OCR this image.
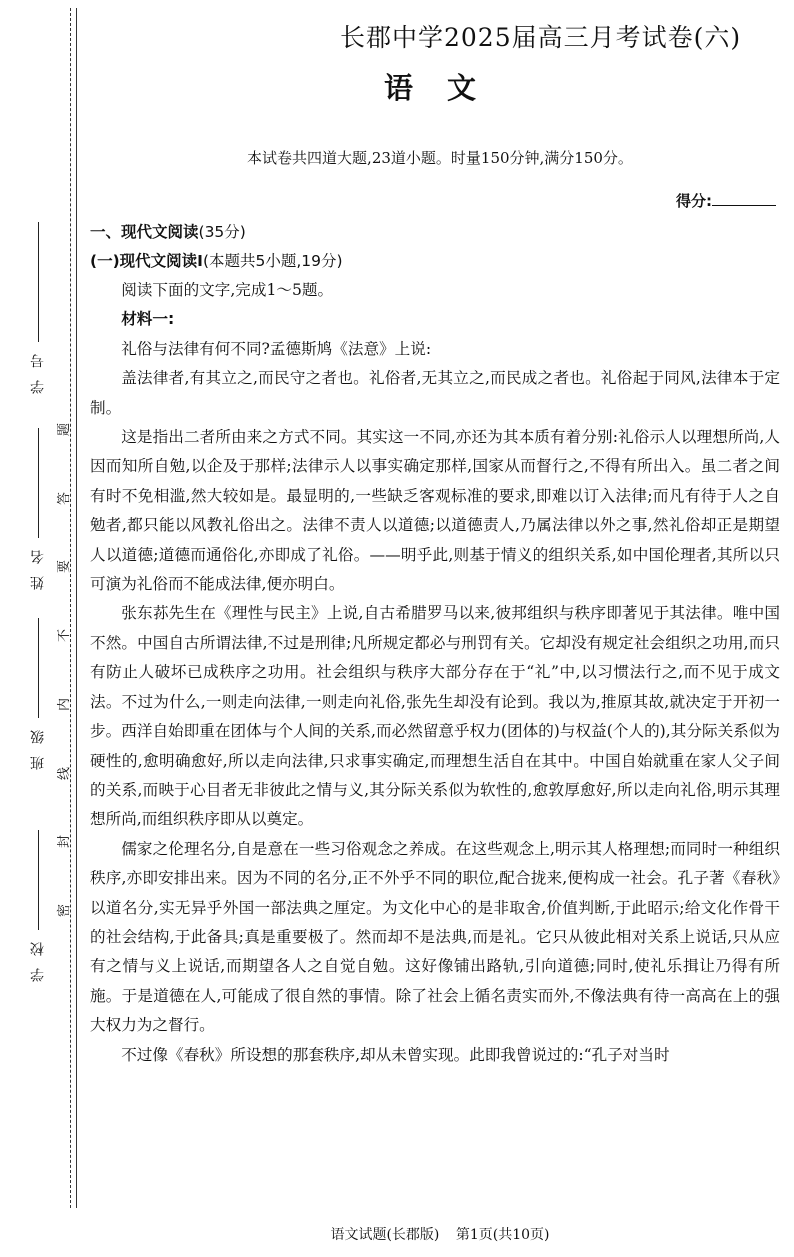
学号
姓名
班级
学校
题
答
要
不
内
线
封
密
长郡中学2025届高三月考试卷(六)
语文
本试卷共四道大题,23道小题。时量150分钟,满分150分。
得分:
一、现代文阅读(35分)
(一)现代文阅读Ⅰ(本题共5小题,19分)

阅读下面的文字,完成1～5题。

材料一:

礼俗与法律有何不同?孟德斯鸠《法意》上说:

盖法律者,有其立之,而民守之者也。礼俗者,无其立之,而民成之者也。礼俗起于同风,法律本于定制。

这是指出二者所由来之方式不同。其实这一不同,亦还为其本质有着分别:礼俗示人以理想所尚,人因而知所自勉,以企及于那样;法律示人以事实确定那样,国家从而督行之,不得有所出入。虽二者之间有时不免相滥,然大较如是。最显明的,一些缺乏客观标准的要求,即难以订入法律;而凡有待于人之自勉者,都只能以风教礼俗出之。法律不责人以道德;以道德责人,乃属法律以外之事,然礼俗却正是期望人以道德;道德而通俗化,亦即成了礼俗。——明乎此,则基于情义的组织关系,如中国伦理者,其所以只可演为礼俗而不能成法律,便亦明白。

张东荪先生在《理性与民主》上说,自古希腊罗马以来,彼邦组织与秩序即著见于其法律。唯中国不然。中国自古所谓法律,不过是刑律;凡所规定都必与刑罚有关。它却没有规定社会组织之功用,而只有防止人破坏已成秩序之功用。社会组织与秩序大部分存在于“礼”中,以习惯法行之,而不见于成文法。不过为什么,一则走向法律,一则走向礼俗,张先生却没有论到。我以为,推原其故,就决定于开初一步。西洋自始即重在团体与个人间的关系,而必然留意乎权力(团体的)与权益(个人的),其分际关系似为硬性的,愈明确愈好,所以走向法律,只求事实确定,而理想生活自在其中。中国自始就重在家人父子间的关系,而映于心目者无非彼此之情与义,其分际关系似为软性的,愈敦厚愈好,所以走向礼俗,明示其理想所尚,而组织秩序即从以奠定。

儒家之伦理名分,自是意在一些习俗观念之养成。在这些观念上,明示其人格理想;而同时一种组织秩序,亦即安排出来。因为不同的名分,正不外乎不同的职位,配合拢来,便构成一社会。孔子著《春秋》以道名分,实无异乎外国一部法典之厘定。为文化中心的是非取舍,价值判断,于此昭示;给文化作骨干的社会结构,于此备具;真是重要极了。然而却不是法典,而是礼。它只从彼此相对关系上说话,只从应有之情与义上说话,而期望各人之自觉自勉。这好像铺出路轨,引向道德;同时,使礼乐揖让乃得有所施。于是道德在人,可能成了很自然的事情。除了社会上循名责实而外,不像法典有待一高高在上的强大权力为之督行。

不过像《春秋》所设想的那套秩序,却从未曾实现。此即我曾说过的:“孔子对当时

语文试题(长郡版) 第1页(共10页)
